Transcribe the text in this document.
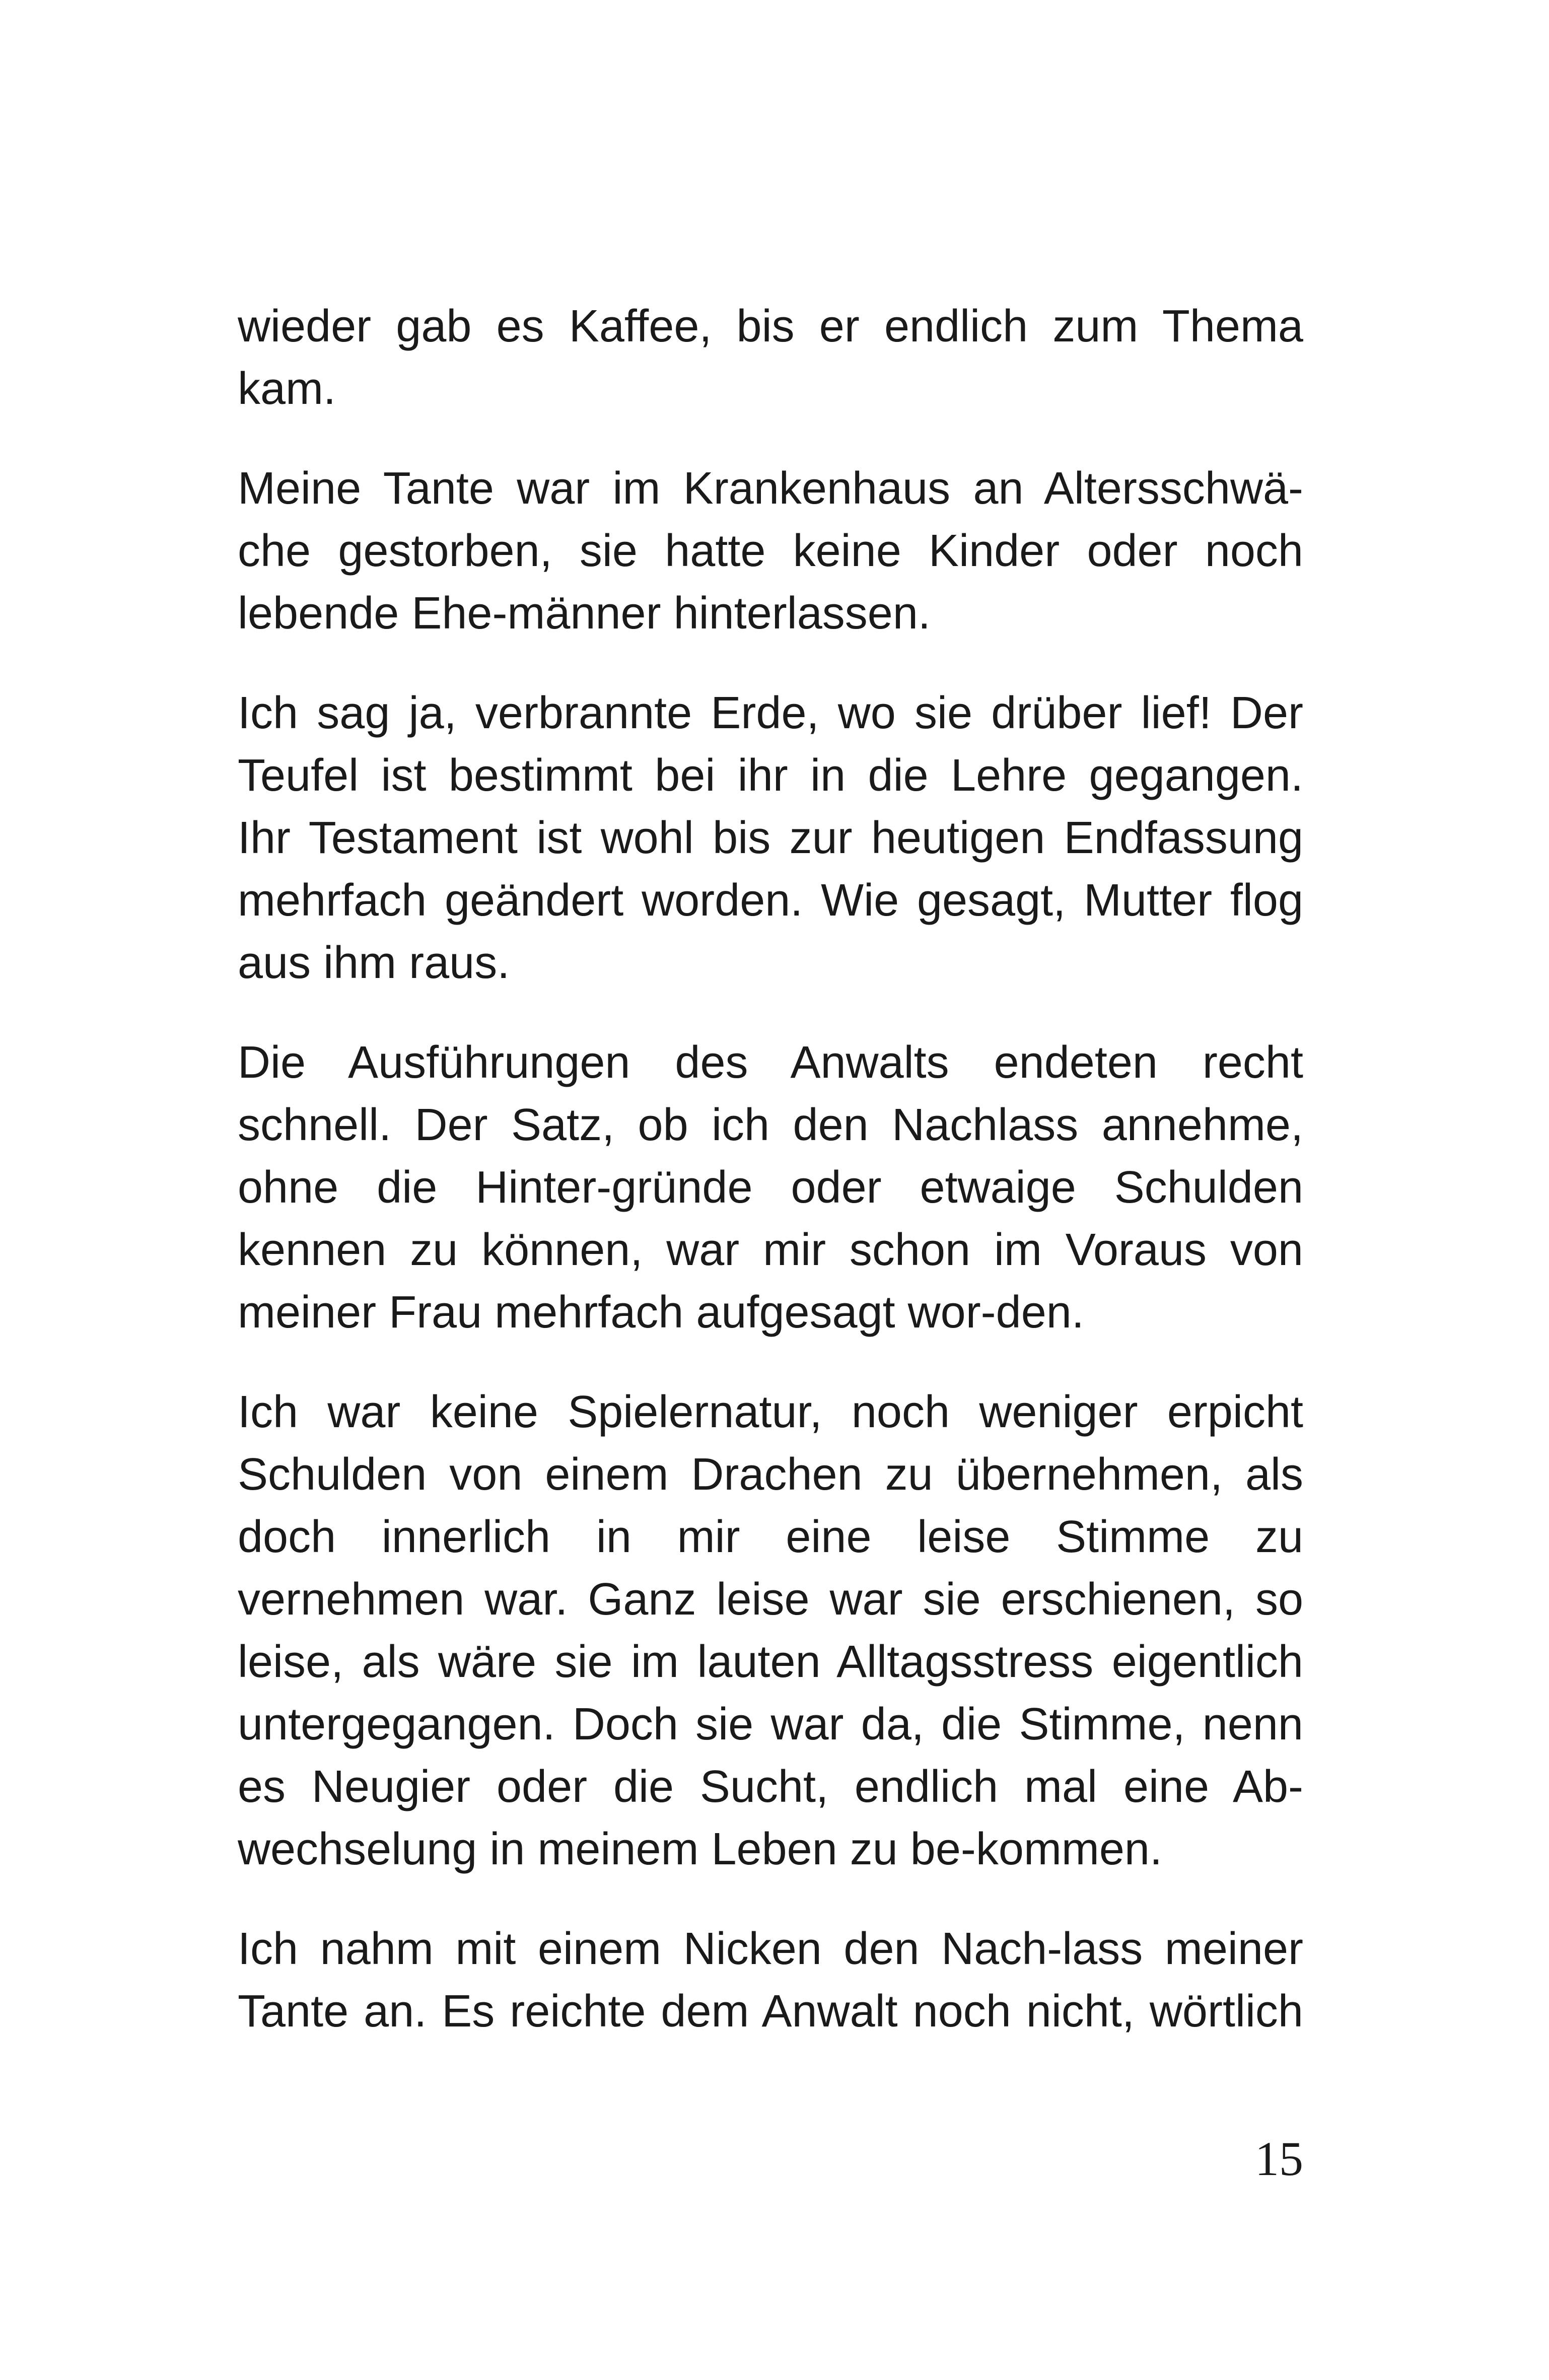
wieder gab es Kaffee, bis er endlich zum Thema
kam.
Meine Tante war im Krankenhaus an Altersschwä-
che gestorben, sie hatte keine Kinder oder noch
lebende Ehe-männer hinterlassen.
Ich sag ja, verbrannte Erde, wo sie drüber lief! Der
Teufel ist bestimmt bei ihr in die Lehre gegangen.
Ihr Testament ist wohl bis zur heutigen Endfassung
mehrfach geändert worden. Wie gesagt, Mutter flog
aus ihm raus.
Die Ausführungen des Anwalts endeten recht
schnell. Der Satz, ob ich den Nachlass annehme,
ohne die Hinter-gründe oder etwaige Schulden
kennen zu können, war mir schon im Voraus von
meiner Frau mehrfach aufgesagt wor-den.
Ich war keine Spielernatur, noch weniger erpicht
Schulden von einem Drachen zu übernehmen, als
doch innerlich in mir eine leise Stimme zu
vernehmen war. Ganz leise war sie erschienen, so
leise, als wäre sie im lauten Alltagsstress eigentlich
untergegangen. Doch sie war da, die Stimme, nenn
es Neugier oder die Sucht, endlich mal eine Ab-
wechselung in meinem Leben zu be-kommen.
Ich nahm mit einem Nicken den Nach-lass meiner
Tante an. Es reichte dem Anwalt noch nicht, wörtlich
15
